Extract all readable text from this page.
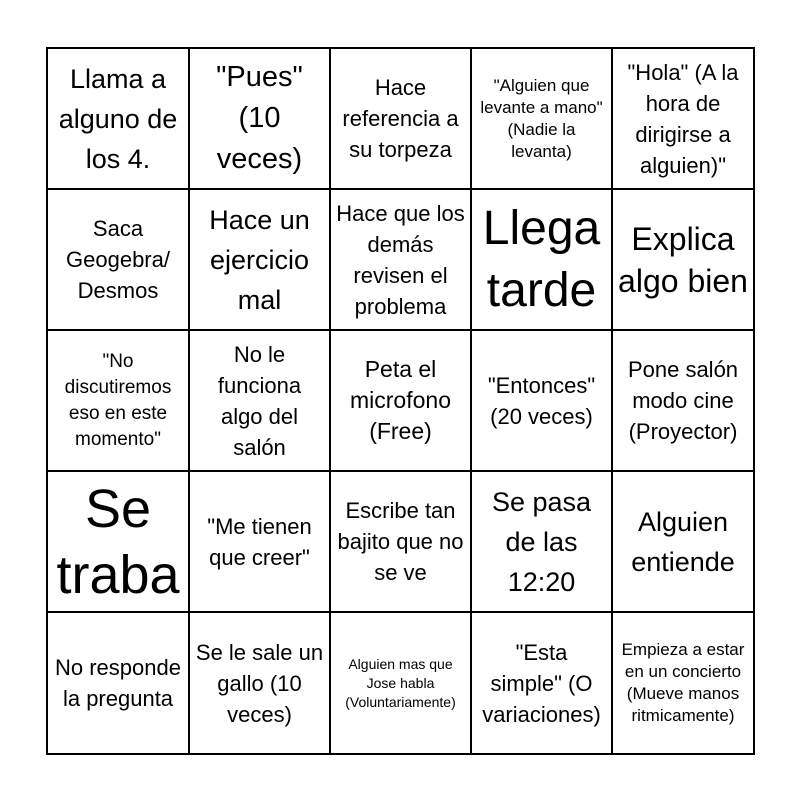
Llama a alguno de los 4.
"Pues" (10 veces)
Hace referencia a su torpeza
"Alguien que levante a mano" (Nadie la levanta)
"Hola" (A la hora de dirigirse a alguien)"
Saca Geogebra/ Desmos
Hace un ejercicio mal
Hace que los demás revisen el problema
Llega tarde
Explica algo bien
"No discutiremos eso en este momento"
No le funciona algo del salón
Peta el microfono (Free)
"Entonces" (20 veces)
Pone salón modo cine (Proyector)
Se traba
"Me tienen que creer"
Escribe tan bajito que no se ve
Se pasa de las 12:20
Alguien entiende
No responde la pregunta
Se le sale un gallo (10 veces)
Alguien mas que Jose habla (Voluntariamente)
"Esta simple" (O variaciones)
Empieza a estar en un concierto (Mueve manos ritmicamente)
